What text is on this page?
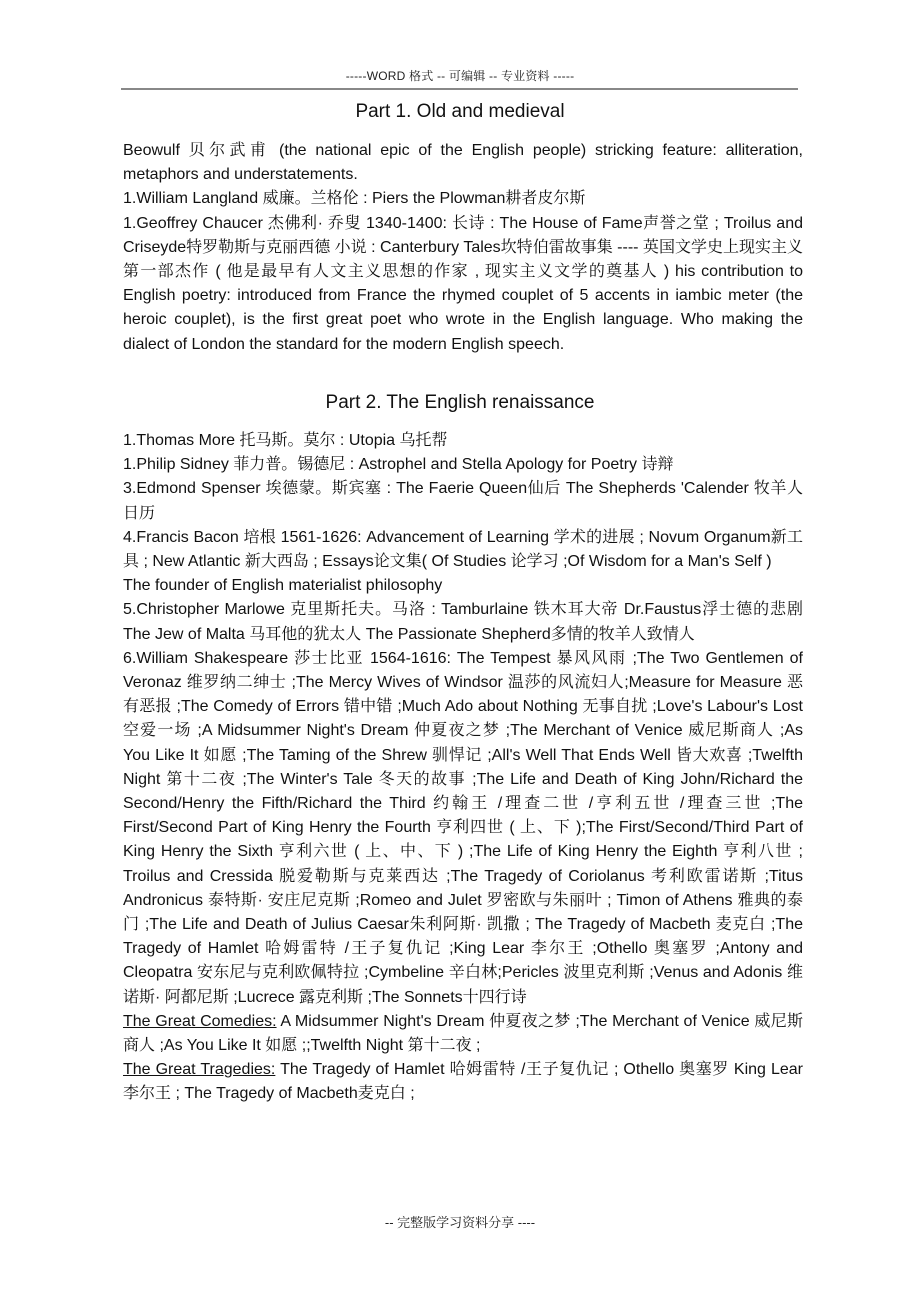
-----WORD 格式 -- 可编辑 -- 专业资料 -----
Part 1. Old and medieval

Beowulf 贝尔武甫 (the national epic of the English people) stricking feature: alliteration, metaphors and understatements.

1.William Langland 威廉。兰格伦 : Piers the Plowman耕者皮尔斯

1.Geoffrey Chaucer 杰佛利· 乔叟 1340-1400: 长诗 : The House of Fame声誉之堂 ; Troilus and Criseyde特罗勒斯与克丽西德 小说 : Canterbury Tales坎特伯雷故事集 ---- 英国文学史上现实主义第一部杰作 ( 他是最早有人文主义思想的作家 , 现实主义文学的奠基人 ) his contribution to English poetry: introduced from France the rhymed couplet of 5 accents in iambic meter (the heroic couplet), is the first great poet who wrote in the English language. Who making the dialect of London the standard for the modern English speech.

Part 2. The English renaissance

1.Thomas More 托马斯。莫尔 : Utopia 乌托帮

1.Philip Sidney 菲力普。锡德尼 : Astrophel and Stella Apology for Poetry 诗辩

3.Edmond Spenser 埃德蒙。斯宾塞 : The Faerie Queen仙后 The Shepherds 'Calender 牧羊人日历

4.Francis Bacon 培根 1561-1626: Advancement of Learning 学术的进展 ; Novum Organum新工具 ; New Atlantic 新大西岛 ; Essays论文集( Of Studies 论学习 ;Of Wisdom for a Man's Self )

The founder of English materialist philosophy

5.Christopher Marlowe 克里斯托夫。马洛 : Tamburlaine 铁木耳大帝 Dr.Faustus浮士德的悲剧 The Jew of Malta 马耳他的犹太人 The Passionate Shepherd多情的牧羊人致情人

6.William Shakespeare 莎士比亚 1564-1616: The Tempest 暴风风雨 ;The Two Gentlemen of Veronaz 维罗纳二绅士 ;The Mercy Wives of Windsor 温莎的风流妇人;Measure for Measure 恶有恶报 ;The Comedy of Errors 错中错 ;Much Ado about Nothing 无事自扰 ;Love's Labour's Lost 空爱一场 ;A Midsummer Night's Dream 仲夏夜之梦 ;The Merchant of Venice 威尼斯商人 ;As You Like It 如愿 ;The Taming of the Shrew 驯悍记 ;All's Well That Ends Well 皆大欢喜 ;Twelfth Night 第十二夜 ;The Winter's Tale 冬天的故事 ;The Life and Death of King John/Richard the Second/Henry the Fifth/Richard the Third 约翰王 /理查二世 /亨利五世 /理查三世 ;The First/Second Part of King Henry the Fourth 亨利四世 ( 上、下 );The First/Second/Third Part of King Henry the Sixth 亨利六世 ( 上、中、下 ) ;The Life of King Henry the Eighth 亨利八世 ; Troilus and Cressida 脱爱勒斯与克莱西达 ;The Tragedy of Coriolanus 考利欧雷诺斯 ;Titus Andronicus 泰特斯· 安庄尼克斯 ;Romeo and Julet 罗密欧与朱丽叶 ; Timon of Athens 雅典的泰门 ;The Life and Death of Julius Caesar朱利阿斯· 凯撒 ; The Tragedy of Macbeth 麦克白 ;The Tragedy of Hamlet 哈姆雷特 /王子复仇记 ;King Lear 李尔王 ;Othello 奥塞罗 ;Antony and Cleopatra 安东尼与克利欧佩特拉 ;Cymbeline 辛白林;Pericles 波里克利斯 ;Venus and Adonis 维诺斯· 阿都尼斯 ;Lucrece 露克利斯 ;The Sonnets十四行诗

The Great Comedies: A Midsummer Night's Dream 仲夏夜之梦 ;The Merchant of Venice 威尼斯商人 ;As You Like It 如愿 ;;Twelfth Night 第十二夜 ;

The Great Tragedies: The Tragedy of Hamlet 哈姆雷特 /王子复仇记 ; Othello 奥塞罗 King Lear 李尔王 ; The Tragedy of Macbeth麦克白 ;

-- 完整版学习资料分享 ----
